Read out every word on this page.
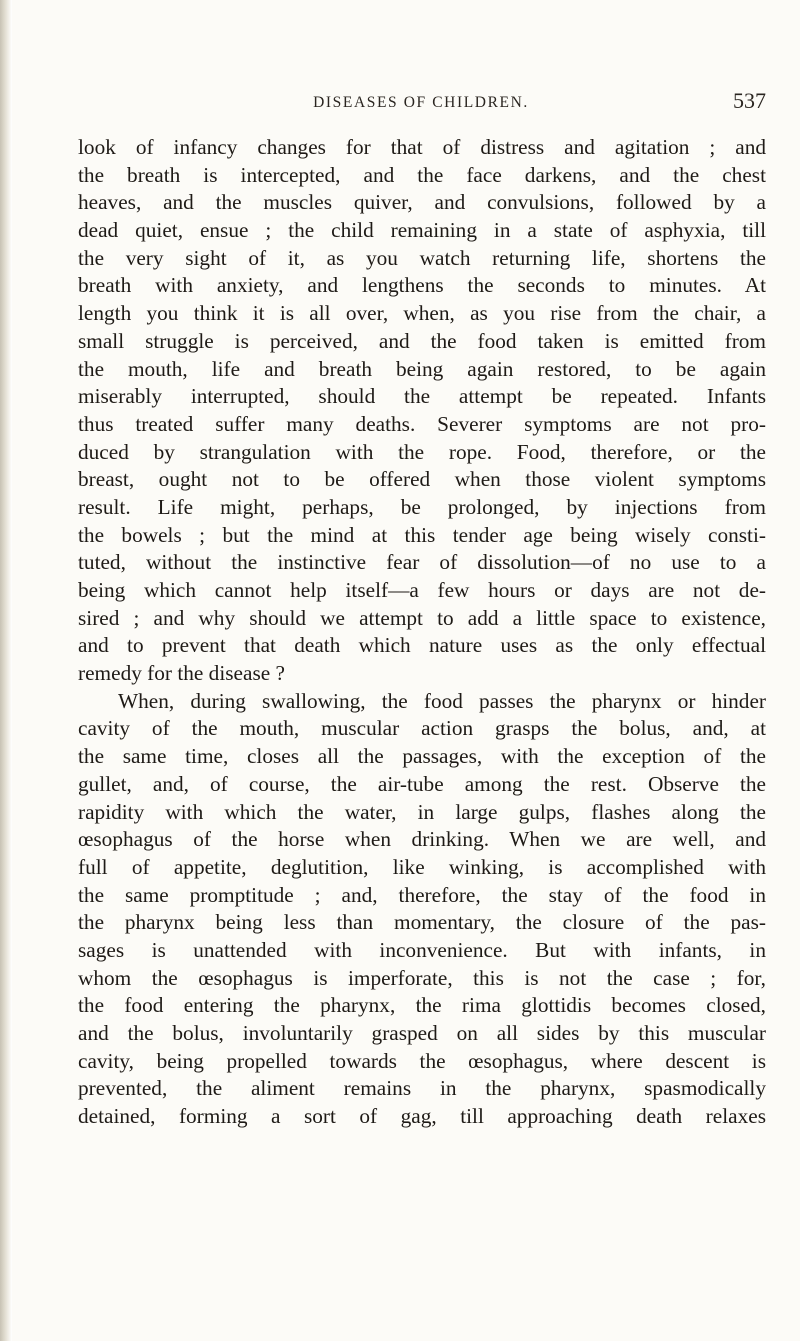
DISEASES OF CHILDREN.	537
look of infancy changes for that of distress and agitation ; and
the breath is intercepted, and the face darkens, and the chest
heaves, and the muscles quiver, and convulsions, followed by a
dead quiet, ensue ; the child remaining in a state of asphyxia, till
the very sight of it, as you watch returning life, shortens the
breath with anxiety, and lengthens the seconds to minutes. At
length you think it is all over, when, as you rise from the chair, a
small struggle is perceived, and the food taken is emitted from
the mouth, life and breath being again restored, to be again
miserably interrupted, should the attempt be repeated. Infants
thus treated suffer many deaths. Severer symptoms are not pro-
duced by strangulation with the rope. Food, therefore, or the
breast, ought not to be offered when those violent symptoms
result. Life might, perhaps, be prolonged, by injections from
the bowels ; but the mind at this tender age being wisely consti-
tuted, without the instinctive fear of dissolution—of no use to a
being which cannot help itself—a few hours or days are not de-
sired ; and why should we attempt to add a little space to existence,
and to prevent that death which nature uses as the only effectual
remedy for the disease ?
When, during swallowing, the food passes the pharynx or hinder
cavity of the mouth, muscular action grasps the bolus, and, at
the same time, closes all the passages, with the exception of the
gullet, and, of course, the air-tube among the rest. Observe the
rapidity with which the water, in large gulps, flashes along the
œsophagus of the horse when drinking. When we are well, and
full of appetite, deglutition, like winking, is accomplished with
the same promptitude ; and, therefore, the stay of the food in
the pharynx being less than momentary, the closure of the pas-
sages is unattended with inconvenience. But with infants, in
whom the œsophagus is imperforate, this is not the case ; for,
the food entering the pharynx, the rima glottidis becomes closed,
and the bolus, involuntarily grasped on all sides by this muscular
cavity, being propelled towards the œsophagus, where descent is
prevented, the aliment remains in the pharynx, spasmodically
detained, forming a sort of gag, till approaching death relaxes
